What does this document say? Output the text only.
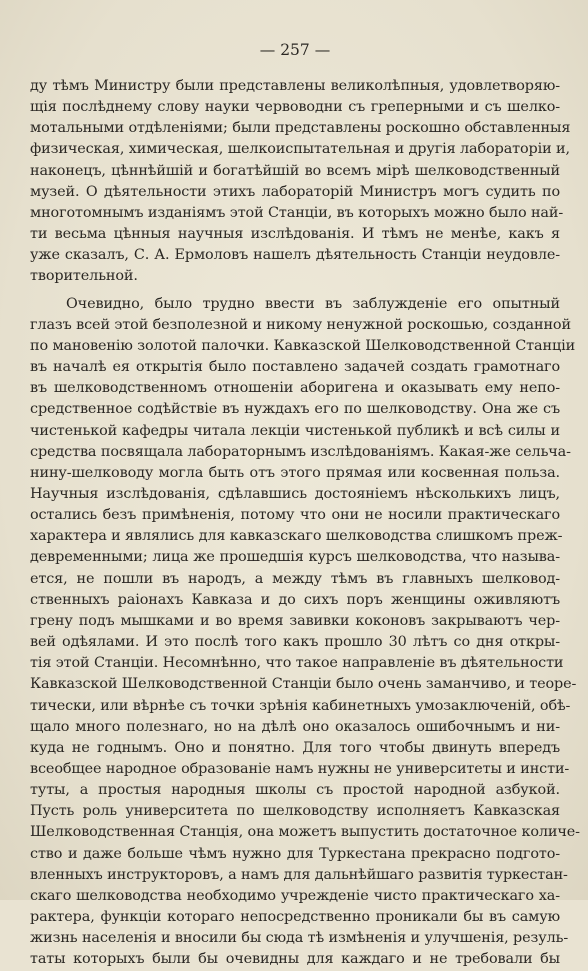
— 257 —

ду тѣмъ Министру были представлены великолѣпныя, удовлетворяю-
щія послѣднему слову науки червоводни съ греперными и съ шелко-
мотальными отдѣленіями; были представлены роскошно обставленныя
физическая, химическая, шелкоиспытательная и другія лабораторіи и,
наконецъ, цѣннѣйшій и богатѣйшій во всемъ мірѣ шелководственный
музей. О дѣятельности этихъ лабораторій Министръ могъ судить по
многотомнымъ изданіямъ этой Станціи, въ которыхъ можно было най-
ти весьма цѣнныя научныя изслѣдованія. И тѣмъ не менѣе, какъ я
уже сказалъ, С. А. Ермоловъ нашелъ дѣятельность Станціи неудовле-
творительной.

Очевидно, было трудно ввести въ заблужденіе его опытный
глазъ всей этой безполезной и никому ненужной роскошью, созданной
по мановенію золотой палочки. Кавказской Шелководственной Станціи
въ началѣ ея открытія было поставлено задачей создать грамотнаго
въ шелководственномъ отношеніи аборигена и оказывать ему непо-
средственное содѣйствіе въ нуждахъ его по шелководству. Она же съ
чистенькой кафедры читала лекціи чистенькой публикѣ и всѣ силы и
средства посвящала лабораторнымъ изслѣдованіямъ. Какая-же сельча-
нину-шелководу могла быть отъ этого прямая или косвенная польза.
Научныя изслѣдованія, сдѣлавшись достояніемъ нѣсколькихъ лицъ,
остались безъ примѣненія, потому что они не носили практическаго
характера и являлись для кавказскаго шелководства слишкомъ преж-
девременными; лица же прошедшія курсъ шелководства, что называ-
ется, не пошли въ народъ, а между тѣмъ въ главныхъ шелковод-
ственныхъ раіонахъ Кавказа и до сихъ поръ женщины оживляютъ
грену подъ мышками и во время завивки коконовъ закрываютъ чер-
вей одѣялами. И это послѣ того какъ прошло 30 лѣтъ со дня откры-
тія этой Станціи. Несомнѣнно, что такое направленіе въ дѣятельности
Кавказской Шелководственной Станціи было очень заманчиво, и теоре-
тически, или вѣрнѣе съ точки зрѣнія кабинетныхъ умозаключеній, обѣ-
щало много полезнаго, но на дѣлѣ оно оказалось ошибочнымъ и ни-
куда не годнымъ. Оно и понятно. Для того чтобы двинуть впередъ
всеобщее народное образованіе намъ нужны не университеты и инсти-
туты, а простыя народныя школы съ простой народной азбукой.
Пусть роль университета по шелководству исполняетъ Кавказская
Шелководственная Станція, она можетъ выпустить достаточное количе-
ство и даже больше чѣмъ нужно для Туркестана прекрасно подгото-
вленныхъ инструкторовъ, а намъ для дальнѣйшаго развитія туркестан-
скаго шелководства необходимо учрежденіе чисто практическаго ха-
рактера, функціи котораго непосредственно проникали бы въ самую
жизнь населенія и вносили бы сюда тѣ измѣненія и улучшенія, резуль-
таты которыхъ были бы очевидны для каждаго и не требовали бы
